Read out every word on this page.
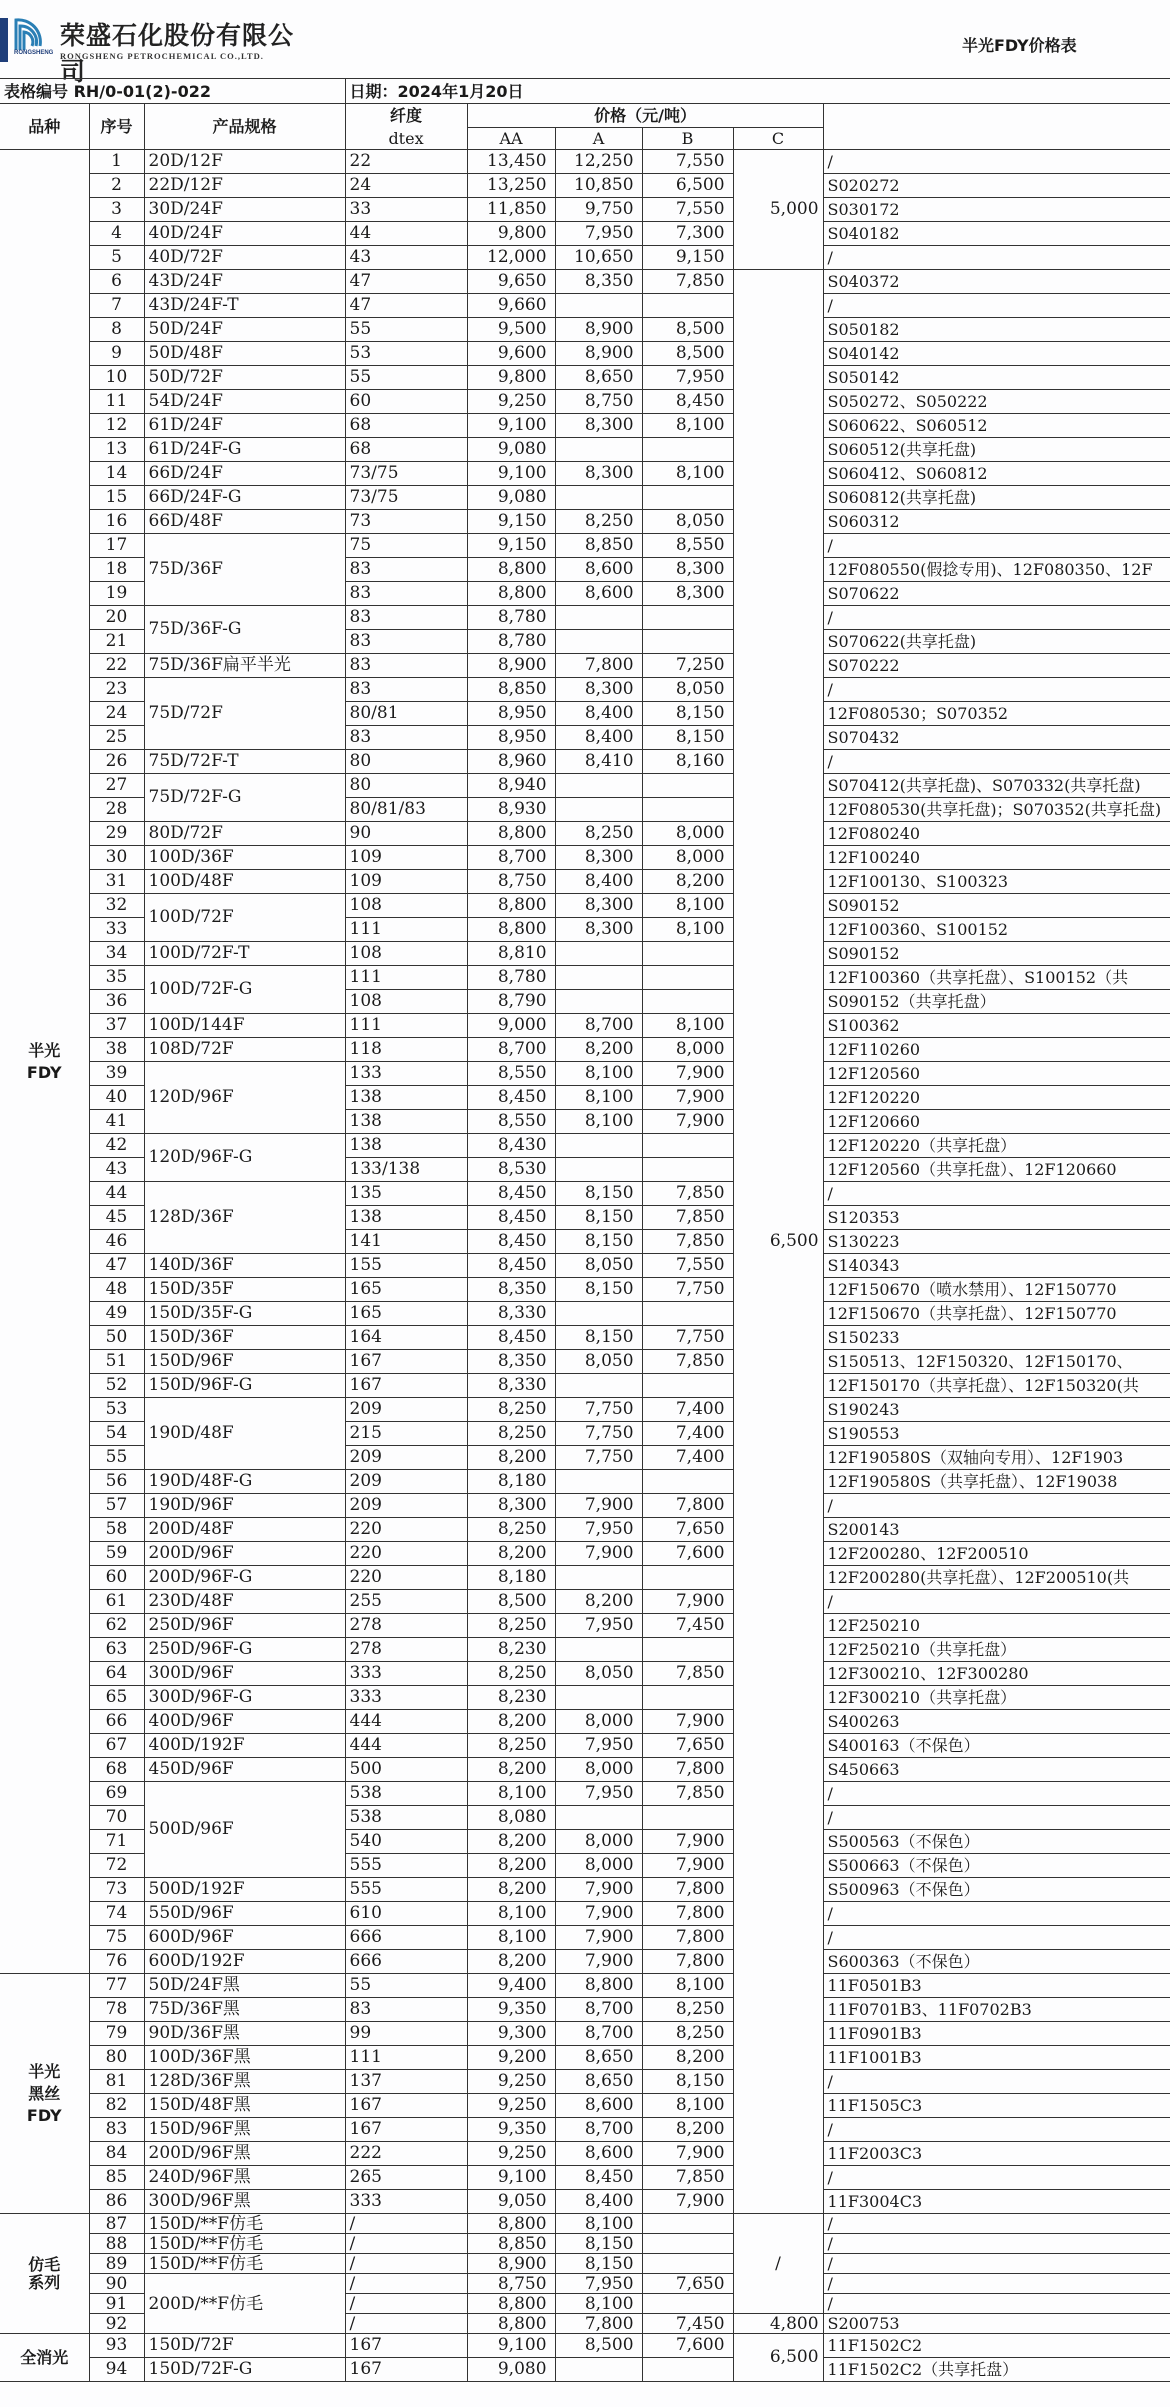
RONGSHENG
荣盛石化股份有限公司
RONGSHENG PETROCHEMICAL CO.,LTD.
半光FDY价格表
表格编号 RH/0-01(2)-022			日期：2024年1月20日					
品种	序号	产品规格	纤度	价格（元/吨）				
			dtex	AA	A	B	C	
半光
FDY	1	20D/12F	22	13,450	12,250	7,550	5,000	/
	2	22D/12F	24	13,250	10,850	6,500		S020272
	3	30D/24F	33	11,850	9,750	7,550		S030172
	4	40D/24F	44	9,800	7,950	7,300		S040182
	5	40D/72F	43	12,000	10,650	9,150		/
	6	43D/24F	47	9,650	8,350	7,850	6,500	S040372
	7	43D/24F-T	47	9,660				/
	8	50D/24F	55	9,500	8,900	8,500		S050182
	9	50D/48F	53	9,600	8,900	8,500		S040142
	10	50D/72F	55	9,800	8,650	7,950		S050142
	11	54D/24F	60	9,250	8,750	8,450		S050272、S050222
	12	61D/24F	68	9,100	8,300	8,100		S060622、S060512
	13	61D/24F-G	68	9,080				S060512(共享托盘)
	14	66D/24F	73/75	9,100	8,300	8,100		S060412、S060812
	15	66D/24F-G	73/75	9,080				S060812(共享托盘)
	16	66D/48F	73	9,150	8,250	8,050		S060312
	17	75D/36F	75	9,150	8,850	8,550		/
	18		83	8,800	8,600	8,300		12F080550(假捻专用)、12F080350、12F
	19		83	8,800	8,600	8,300		S070622
	20	75D/36F-G	83	8,780				/
	21		83	8,780				S070622(共享托盘)
	22	75D/36F扁平半光	83	8,900	7,800	7,250		S070222
	23	75D/72F	83	8,850	8,300	8,050		/
	24		80/81	8,950	8,400	8,150		12F080530；S070352
	25		83	8,950	8,400	8,150		S070432
	26	75D/72F-T	80	8,960	8,410	8,160		/
	27	75D/72F-G	80	8,940				S070412(共享托盘)、S070332(共享托盘)
	28		80/81/83	8,930				12F080530(共享托盘)；S070352(共享托盘)
	29	80D/72F	90	8,800	8,250	8,000		12F080240
	30	100D/36F	109	8,700	8,300	8,000		12F100240
	31	100D/48F	109	8,750	8,400	8,200		12F100130、S100323
	32	100D/72F	108	8,800	8,300	8,100		S090152
	33		111	8,800	8,300	8,100		12F100360、S100152
	34	100D/72F-T	108	8,810				S090152
	35	100D/72F-G	111	8,780				12F100360（共享托盘）、S100152（共
	36		108	8,790				S090152（共享托盘）
	37	100D/144F	111	9,000	8,700	8,100		S100362
	38	108D/72F	118	8,700	8,200	8,000		12F110260
	39	120D/96F	133	8,550	8,100	7,900		12F120560
	40		138	8,450	8,100	7,900		12F120220
	41		138	8,550	8,100	7,900		12F120660
	42	120D/96F-G	138	8,430				12F120220（共享托盘）
	43		133/138	8,530				12F120560（共享托盘）、12F120660
	44	128D/36F	135	8,450	8,150	7,850		/
	45		138	8,450	8,150	7,850		S120353
	46		141	8,450	8,150	7,850		S130223
	47	140D/36F	155	8,450	8,050	7,550		S140343
	48	150D/35F	165	8,350	8,150	7,750		12F150670（喷水禁用）、12F150770
	49	150D/35F-G	165	8,330				12F150670（共享托盘）、12F150770
	50	150D/36F	164	8,450	8,150	7,750		S150233
	51	150D/96F	167	8,350	8,050	7,850		S150513、12F150320、12F150170、
	52	150D/96F-G	167	8,330				12F150170（共享托盘）、12F150320(共
	53	190D/48F	209	8,250	7,750	7,400		S190243
	54		215	8,250	7,750	7,400		S190553
	55		209	8,200	7,750	7,400		12F190580S（双轴向专用）、12F1903
	56	190D/48F-G	209	8,180				12F190580S（共享托盘）、12F19038
	57	190D/96F	209	8,300	7,900	7,800		/
	58	200D/48F	220	8,250	7,950	7,650		S200143
	59	200D/96F	220	8,200	7,900	7,600		12F200280、12F200510
	60	200D/96F-G	220	8,180				12F200280(共享托盘）、12F200510(共
	61	230D/48F	255	8,500	8,200	7,900		/
	62	250D/96F	278	8,250	7,950	7,450		12F250210
	63	250D/96F-G	278	8,230				12F250210（共享托盘）
	64	300D/96F	333	8,250	8,050	7,850		12F300210、12F300280
	65	300D/96F-G	333	8,230				12F300210（共享托盘）
	66	400D/96F	444	8,200	8,000	7,900		S400263
	67	400D/192F	444	8,250	7,950	7,650		S400163（不保色）
	68	450D/96F	500	8,200	8,000	7,800		S450663
	69	500D/96F	538	8,100	7,950	7,850		/
	70		538	8,080				/
	71		540	8,200	8,000	7,900		S500563（不保色）
	72		555	8,200	8,000	7,900		S500663（不保色）
	73	500D/192F	555	8,200	7,900	7,800		S500963（不保色）
	74	550D/96F	610	8,100	7,900	7,800		/
	75	600D/96F	666	8,100	7,900	7,800		/
	76	600D/192F	666	8,200	7,900	7,800		S600363（不保色）
半光
黑丝
FDY	77	50D/24F黑	55	9,400	8,800	8,100		11F0501B3
	78	75D/36F黑	83	9,350	8,700	8,250		11F0701B3、11F0702B3
	79	90D/36F黑	99	9,300	8,700	8,250		11F0901B3
	80	100D/36F黑	111	9,200	8,650	8,200		11F1001B3
	81	128D/36F黑	137	9,250	8,650	8,150		/
	82	150D/48F黑	167	9,250	8,600	8,100		11F1505C3
	83	150D/96F黑	167	9,350	8,700	8,200		/
	84	200D/96F黑	222	9,250	8,600	7,900		11F2003C3
	85	240D/96F黑	265	9,100	8,450	7,850		/
	86	300D/96F黑	333	9,050	8,400	7,900		11F3004C3
仿毛
系列	87	150D/**F仿毛	/	8,800	8,100		/	/
	88	150D/**F仿毛	/	8,850	8,150			/
	89	150D/**F仿毛	/	8,900	8,150			/
	90	200D/**F仿毛	/	8,750	7,950	7,650		/
	91		/	8,800	8,100			/
	92		/	8,800	7,800	7,450	4,800	S200753
全消光	93	150D/72F	167	9,100	8,500	7,600	6,500	11F1502C2
	94	150D/72F-G	167	9,080				11F1502C2（共享托盘）
